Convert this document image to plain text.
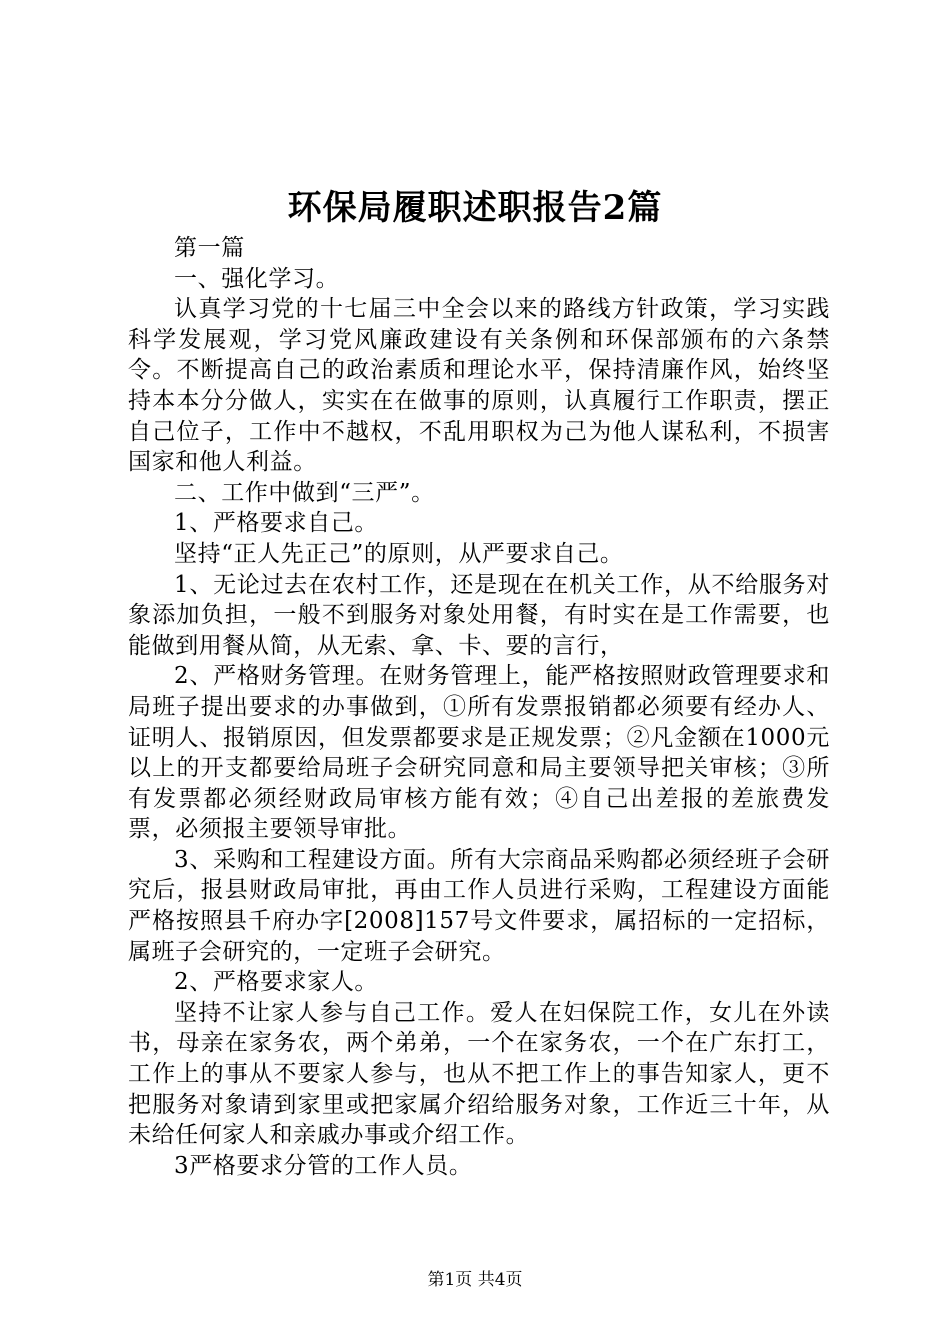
环保局履职述职报告2篇

第一篇

一、强化学习。

认真学习党的十七届三中全会以来的路线方针政策，学习实践科学发展观，学习党风廉政建设有关条例和环保部颁布的六条禁令。不断提高自己的政治素质和理论水平，保持清廉作风，始终坚持本本分分做人，实实在在做事的原则，认真履行工作职责，摆正自己位子，工作中不越权，不乱用职权为己为他人谋私利，不损害国家和他人利益。

二、工作中做到“三严”。

1、严格要求自己。

坚持“正人先正己”的原则，从严要求自己。

1、无论过去在农村工作，还是现在在机关工作，从不给服务对象添加负担，一般不到服务对象处用餐，有时实在是工作需要，也能做到用餐从简，从无索、拿、卡、要的言行，

2、严格财务管理。在财务管理上，能严格按照财政管理要求和局班子提出要求的办事做到，①所有发票报销都必须要有经办人、证明人、报销原因，但发票都要求是正规发票；②凡金额在1000元以上的开支都要给局班子会研究同意和局主要领导把关审核；③所有发票都必须经财政局审核方能有效；④自己出差报的差旅费发票，必须报主要领导审批。

3、采购和工程建设方面。所有大宗商品采购都必须经班子会研究后，报县财政局审批，再由工作人员进行采购，工程建设方面能严格按照县千府办字[2008]157号文件要求，属招标的一定招标，属班子会研究的，一定班子会研究。

2、严格要求家人。

坚持不让家人参与自己工作。爱人在妇保院工作，女儿在外读书，母亲在家务农，两个弟弟，一个在家务农，一个在广东打工，工作上的事从不要家人参与，也从不把工作上的事告知家人，更不把服务对象请到家里或把家属介绍给服务对象，工作近三十年，从未给任何家人和亲戚办事或介绍工作。

3严格要求分管的工作人员。

第1页 共4页
